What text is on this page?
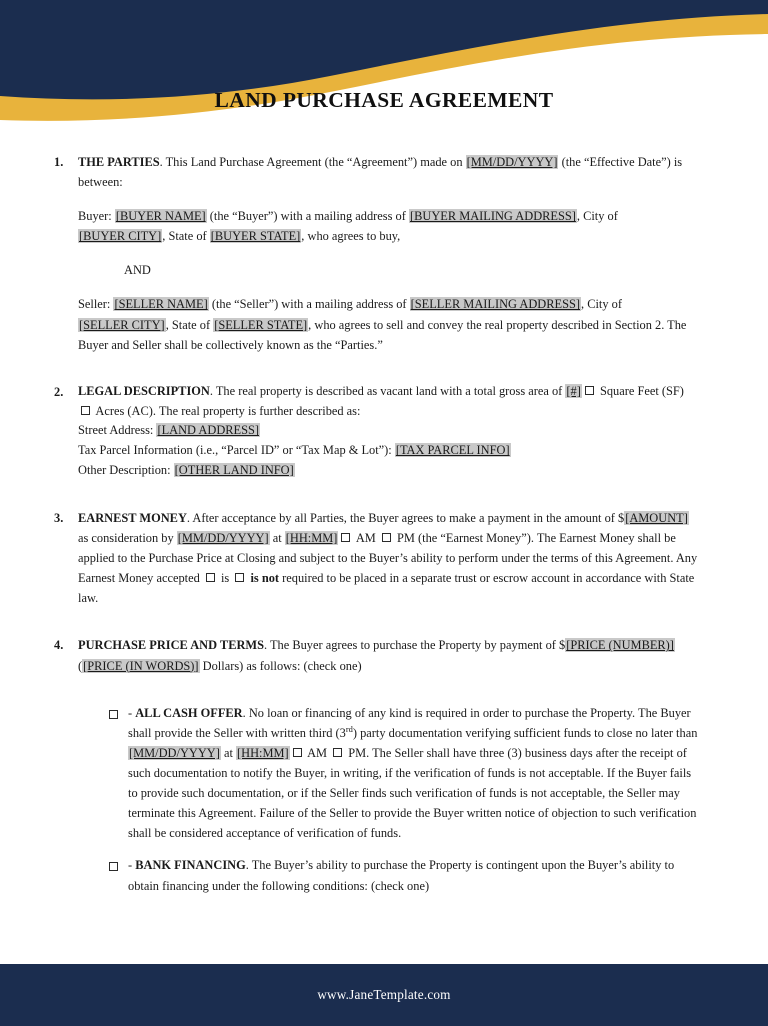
LAND PURCHASE AGREEMENT
1.	THE PARTIES. This Land Purchase Agreement (the “Agreement”) made on [MM/DD/YYYY] (the “Effective Date”) is between:
Buyer: [BUYER NAME] (the “Buyer”) with a mailing address of [BUYER MAILING ADDRESS], City of [BUYER CITY], State of [BUYER STATE], who agrees to buy,
AND
Seller: [SELLER NAME] (the “Seller”) with a mailing address of [SELLER MAILING ADDRESS], City of [SELLER CITY], State of [SELLER STATE], who agrees to sell and convey the real property described in Section 2. The Buyer and Seller shall be collectively known as the “Parties.”
2.	LEGAL DESCRIPTION. The real property is described as vacant land with a total gross area of [#] Square Feet (SF)  Acres (AC). The real property is further described as:
Street Address: [LAND ADDRESS]
Tax Parcel Information (i.e., “Parcel ID” or “Tax Map & Lot”): [TAX PARCEL INFO]
Other Description: [OTHER LAND INFO]
3.	EARNEST MONEY. After acceptance by all Parties, the Buyer agrees to make a payment in the amount of $[AMOUNT] as consideration by [MM/DD/YYYY] at [HH:MM] AM  PM (the “Earnest Money”). The Earnest Money shall be applied to the Purchase Price at Closing and subject to the Buyer’s ability to perform under the terms of this Agreement. Any Earnest Money accepted  is  is not required to be placed in a separate trust or escrow account in accordance with State law.
4.	PURCHASE PRICE AND TERMS. The Buyer agrees to purchase the Property by payment of $[PRICE (NUMBER)] ([PRICE (IN WORDS)] Dollars) as follows: (check one)
- ALL CASH OFFER. No loan or financing of any kind is required in order to purchase the Property. The Buyer shall provide the Seller with written third (3rd) party documentation verifying sufficient funds to close no later than [MM/DD/YYYY] at [HH:MM] AM  PM. The Seller shall have three (3) business days after the receipt of such documentation to notify the Buyer, in writing, if the verification of funds is not acceptable. If the Buyer fails to provide such documentation, or if the Seller finds such verification of funds is not acceptable, the Seller may terminate this Agreement. Failure of the Seller to provide the Buyer written notice of objection to such verification shall be considered acceptance of verification of funds.
- BANK FINANCING. The Buyer’s ability to purchase the Property is contingent upon the Buyer’s ability to obtain financing under the following conditions: (check one)
www.JaneTemplate.com
